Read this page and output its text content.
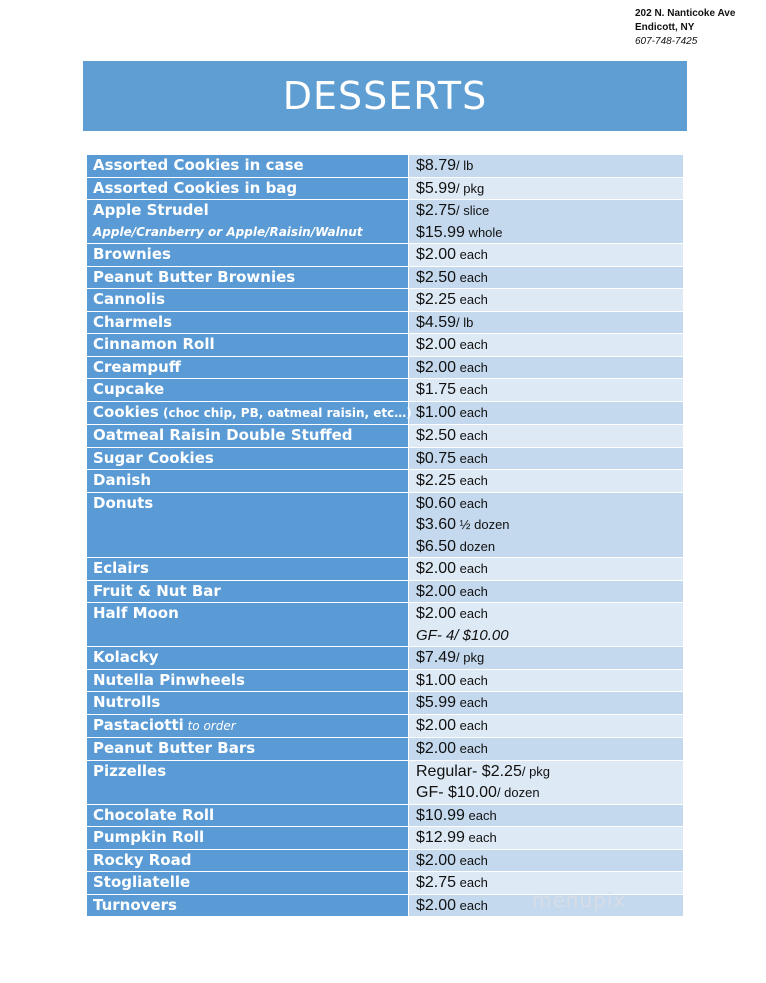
202 N. Nanticoke Ave
Endicott, NY
607-748-7425
DESSERTS
Assorted Cookies in case	$8.79/ lb

Assorted Cookies in bag	$5.99/ pkg

Apple Strudel
Apple/Cranberry or Apple/Raisin/Walnut	$2.75/ slice
$15.99 whole

Brownies	$2.00 each

Peanut Butter Brownies	$2.50 each

Cannolis	$2.25 each

Charmels	$4.59/ lb

Cinnamon Roll	$2.00 each

Creampuff	$2.00 each

Cupcake	$1.75 each

Cookies (choc chip, PB, oatmeal raisin, etc…)	$1.00 each

Oatmeal Raisin Double Stuffed	$2.50 each

Sugar Cookies	$0.75 each

Danish	$2.25 each

Donuts	$0.60 each
$3.60 ½ dozen
$6.50 dozen

Eclairs	$2.00 each

Fruit & Nut Bar	$2.00 each

Half Moon	$2.00 each
GF- 4/ $10.00

Kolacky	$7.49/ pkg

Nutella Pinwheels	$1.00 each

Nutrolls	$5.99 each

Pastaciotti to order	$2.00 each

Peanut Butter Bars	$2.00 each

Pizzelles	Regular- $2.25/ pkg
GF- $10.00/ dozen

Chocolate Roll	$10.99 each

Pumpkin Roll	$12.99 each

Rocky Road	$2.00 each

Stogliatelle	$2.75 each

Turnovers	$2.00 each	menupix
